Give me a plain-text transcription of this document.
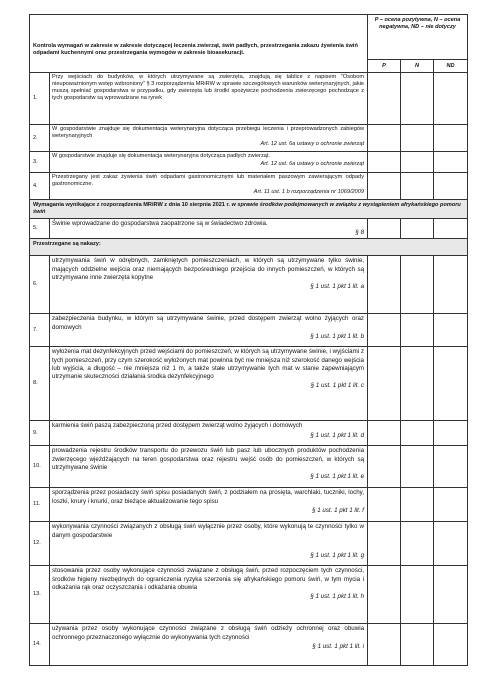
Kontrola wymagań w zakresie w zakresie dotyczącej leczenia zwierząt, świń padłych, przestrzegania zakazu żywienia świń odpadami kuchennymi oraz przestrzegania wymogów w zakresie bioasekuracji.		P – ocena pozytywna, N – ocena negatywna, ND – nie dotyczy		
		P	N	ND
1.	Przy wejściach do budynków, w których utrzymywane są zwierzęta, znajdują się tablice z napisem "Osobom nieupoważnionym wstęp wzbroniony" § 3 rozporządzenia MRiRW w sprawie szczegółowych warunków weterynaryjnych, jakie muszą spełniać gospodarstwa w przypadku, gdy zwierzęta lub środki spożywcze pochodzenia zwierzęcego pochodzące z tych gospodarstw są wprowadzane na rynek			

2.	W gospodarstwie znajduje się dokumentacja weterynaryjna dotycząca przebiegu leczenia i przeprowadzonych zabiegów weterynaryjnych

Art. 12 ust. 6a ustawy o ochronie zwierząt			

3.	W gospodarstwie znajduje się dokumentacja weterynaryjna dotycząca padłych zwierząt.

Art. 12 ust. 6a ustawy o ochronie zwierząt			

4.	Przestrzegany jest zakaz żywienia świń odpadami gastronomicznymi lub materiałem paszowym zawierającym odpady gastronomiczne.

Art. 11 ust. 1 b rozporządzenia nr 1069/2009			

Wymagania wynikające z rozporządzenia MRiRW z dnia 10 sierpnia 2021 r. w sprawie środków podejmowanych w związku z wystąpieniem afrykańskiego pomoru świń				
5.	Świnie wprowadzane do gospodarstwa zaopatrzone są w świadectwo zdrowia.

§ 8			

Przestrzegane są nakazy:				
6.	utrzymywania świń w odrębnych, zamkniętych pomieszczeniach, w których są utrzymywane tylko świnie, mających oddzielne wejścia oraz niemających bezpośredniego przejścia do innych pomieszczeń, w których są utrzymywane inne zwierzęta kopytne

§ 1 ust. 1 pkt 1 lit. a			

7.	zabezpieczenia budynku, w którym są utrzymywane świnie, przed dostępem zwierząt wolno żyjących oraz domowych

§ 1 ust. 1 pkt 1 lit. b			

8.	wyłożenia mat dezynfekcyjnych przed wejściami do pomieszczeń, w których są utrzymywane świnie, i wyjściami z tych pomieszczeń, przy czym szerokość wyłożonych mat powinna być nie mniejsza niż szerokość danego wejścia lub wyjścia, a długość – nie mniejsza niż 1 m, a także stałe utrzymywanie tych mat w stanie zapewniającym utrzymanie skuteczności działania środka dezynfekcyjnego

§ 1 ust. 1 pkt 1 lit. c			

9.	karmienia świń paszą zabezpieczoną przed dostępem zwierząt wolno żyjących i domowych

§ 1 ust. 1 pkt 1 lit. d			

10.	prowadzenia rejestru środków transportu do przewozu świń lub pasz lub ubocznych produktów pochodzenia zwierzęcego wjeżdżających na teren gospodarstwa oraz rejestru wejść osób do pomieszczeń, w których są utrzymywane świnie

§ 1 ust. 1 pkt 1 lit. e			

11.	sporządzenia przez posiadaczy świń spisu posiadanych świń, z podziałem na prosięta, warchlaki, tuczniki, lochy, loszki, knury i knurki, oraz bieżące aktualizowanie tego spisu

§ 1 ust. 1 pkt 1 lit. f			

12.	wykonywania czynności związanych z obsługą świń wyłącznie przez osoby, które wykonują te czynności tylko w danym gospodarstwie

§ 1 ust. 1 pkt 1 lit. g			

13.	stosowania przez osoby wykonujące czynności związane z obsługą świń, przed rozpoczęciem tych czynności, środków higieny niezbędnych do ograniczenia ryzyka szerzenia się afrykańskiego pomoru świń, w tym mycia i odkażania rąk oraz oczyszczania i odkażania obuwia

§ 1 ust. 1 pkt 1 lit. h			

14.	używania przez osoby wykonujące czynności związane z obsługą świń odzieży ochronnej oraz obuwia ochronnego przeznaczonego wyłącznie do wykonywania tych czynności

§ 1 ust. 1 pkt 1 lit. i			
